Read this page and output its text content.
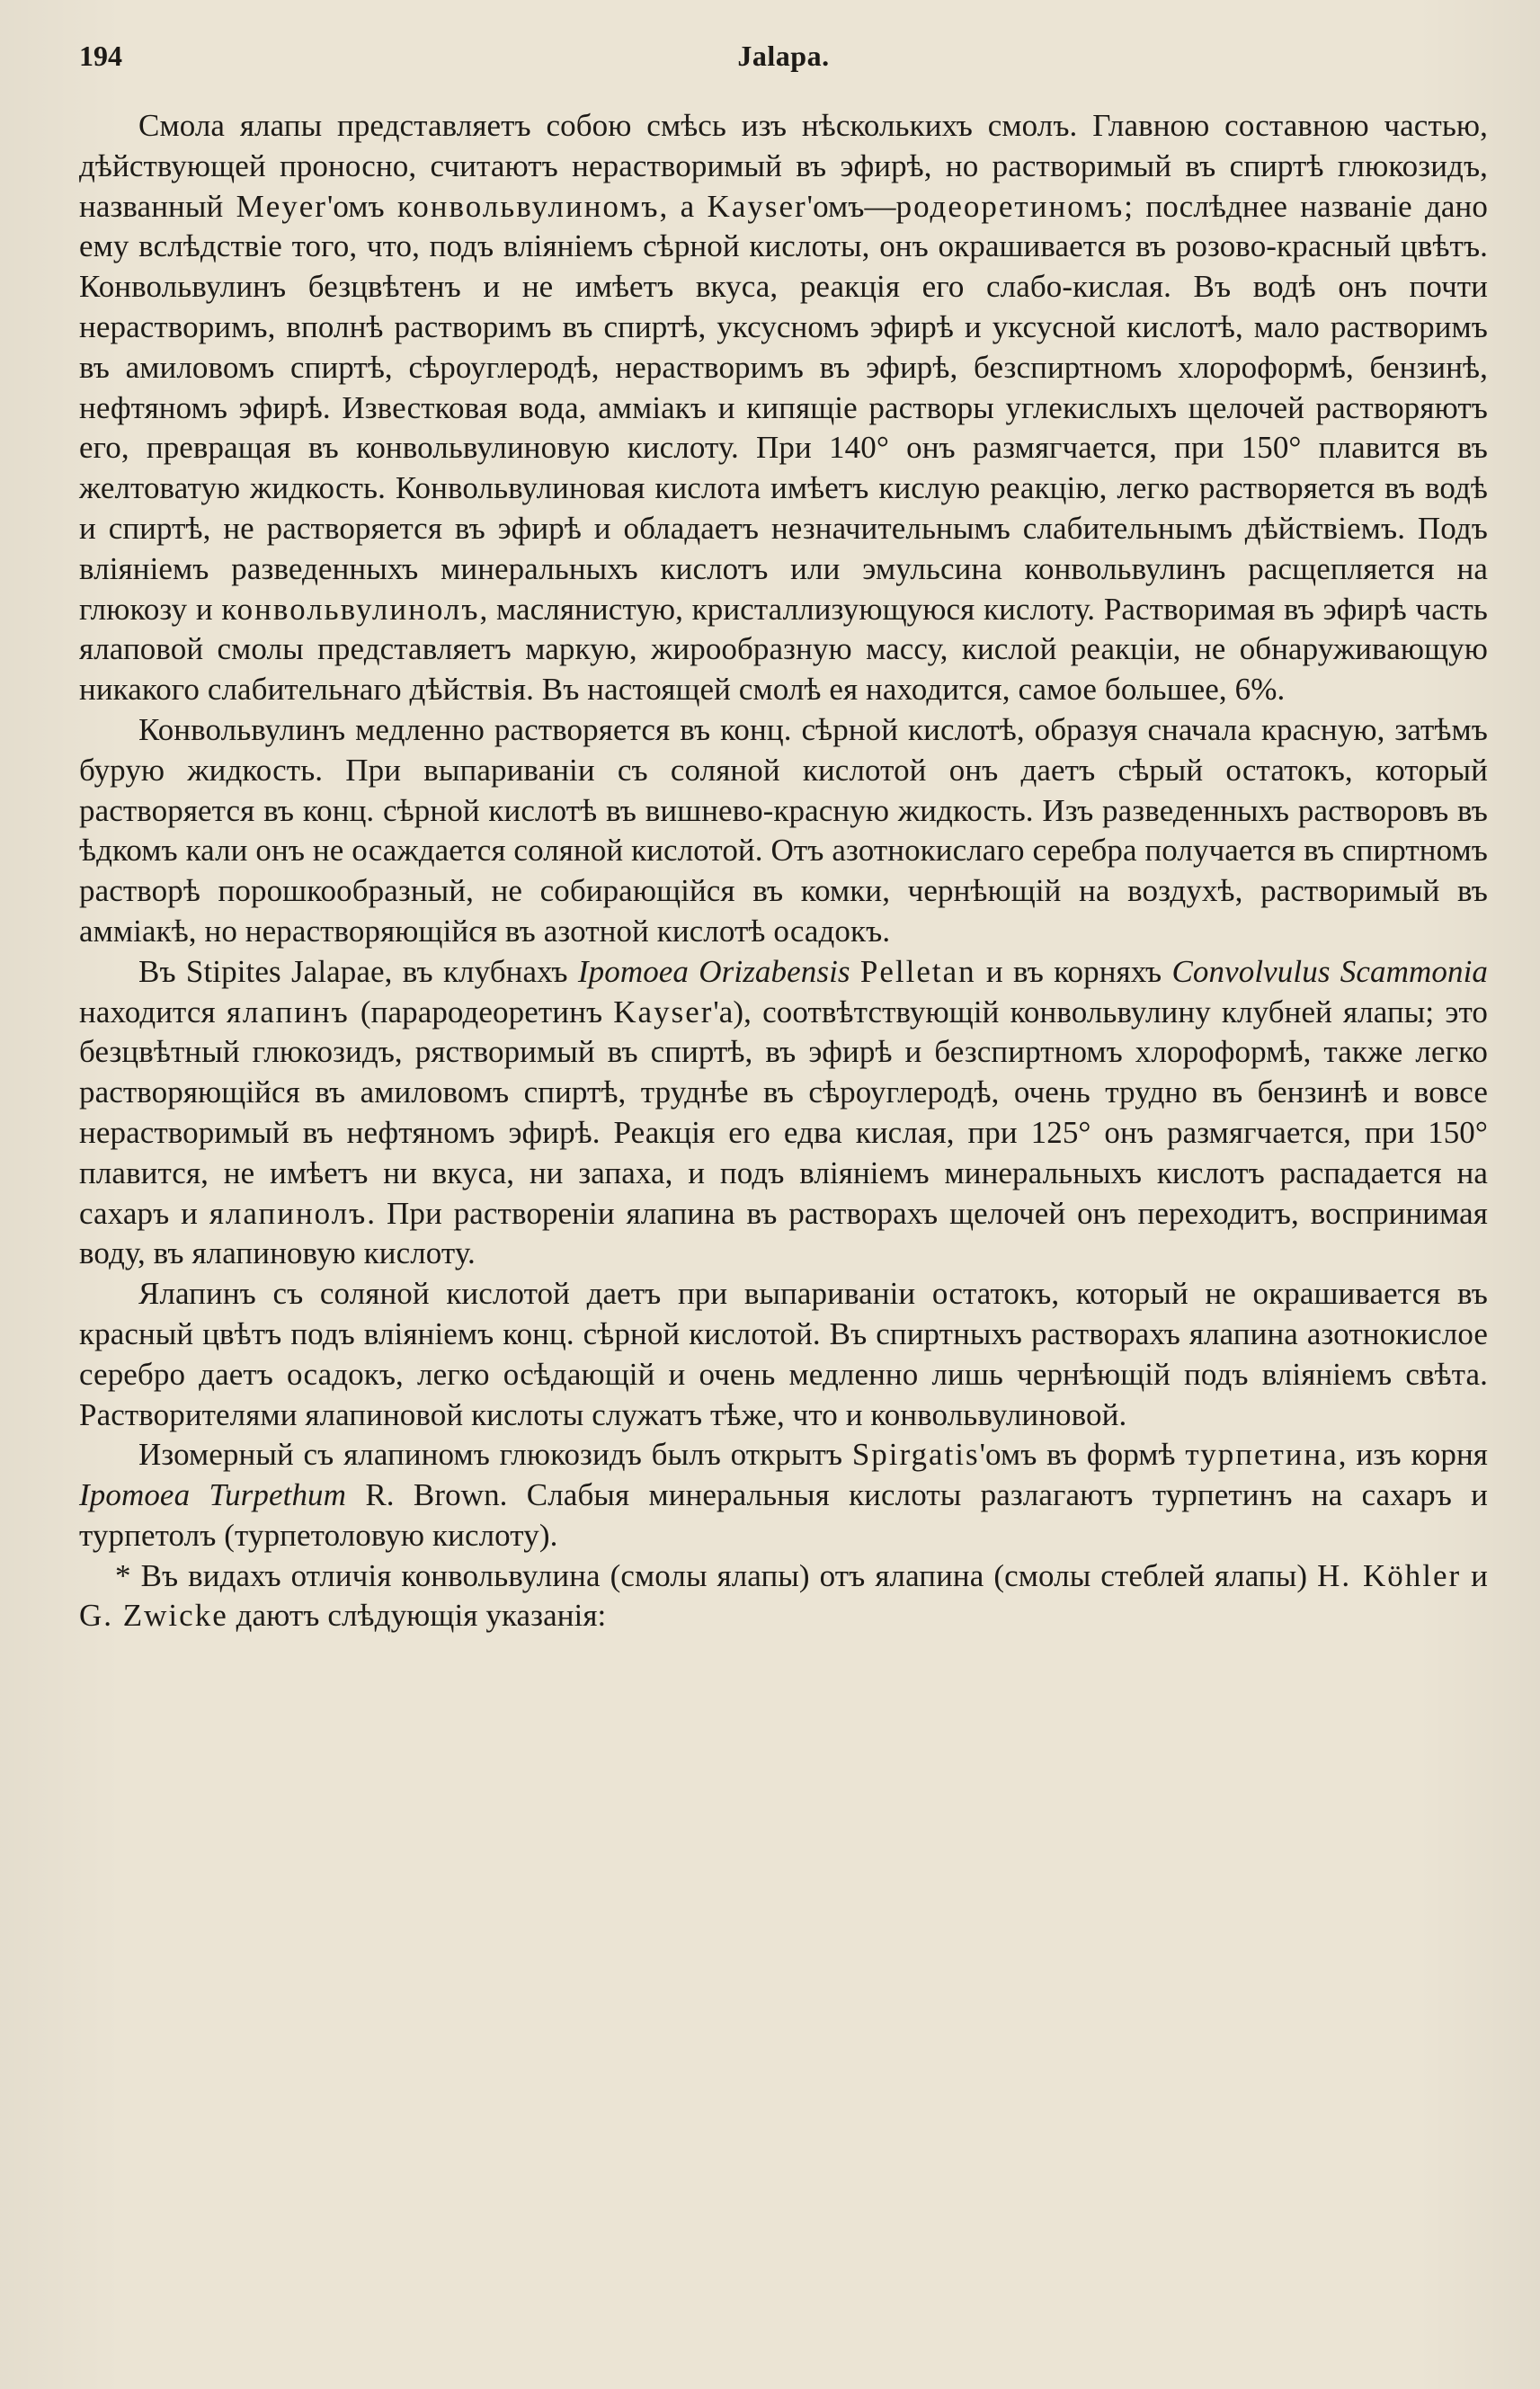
194	Jalapa.

Смола ялапы представляетъ собою смѣсь изъ нѣсколькихъ смолъ. Главною составною частью, дѣйствующей проносно, считаютъ нерастворимый въ эфирѣ, но растворимый въ спиртѣ глюкозидъ, названный Meyer'омъ конвольвулиномъ, а Kayser'омъ—родеоретиномъ; послѣднее названіе дано ему вслѣдствіе того, что, подъ вліяніемъ сѣрной кислоты, онъ окрашивается въ розово-красный цвѣтъ. Конвольвулинъ безцвѣтенъ и не имѣетъ вкуса, реакція его слабо-кислая. Въ водѣ онъ почти нерастворимъ, вполнѣ растворимъ въ спиртѣ, уксусномъ эфирѣ и уксусной кислотѣ, мало растворимъ въ амиловомъ спиртѣ, сѣроуглеродѣ, нерастворимъ въ эфирѣ, безспиртномъ хлороформѣ, бензинѣ, нефтяномъ эфирѣ. Известковая вода, аммiакъ и кипящіе растворы углекислыхъ щелочей растворяютъ его, превращая въ конвольвулиновую кислоту. При 140° онъ размягчается, при 150° плавится въ желтоватую жидкость. Конвольвулиновая кислота имѣетъ кислую реакцію, легко растворяется въ водѣ и спиртѣ, не растворяется въ эфирѣ и обладаетъ незначительнымъ слабительнымъ дѣйствіемъ. Подъ вліяніемъ разведенныхъ минеральныхъ кислотъ или эмульсина конвольвулинъ расщепляется на глюкозу и конвольвулинолъ, маслянистую, кристаллизующуюся кислоту. Растворимая въ эфирѣ часть ялаповой смолы представляетъ маркую, жирообразную массу, кислой реакціи, не обнаруживающую никакого слабительнаго дѣйствія. Въ настоящей смолѣ ея находится, самое большее, 6%.

Конвольвулинъ медленно растворяется въ конц. сѣрной кислотѣ, образуя сначала красную, затѣмъ бурую жидкость. При выпариваніи съ соляной кислотой онъ даетъ сѣрый остатокъ, который растворяется въ конц. сѣрной кислотѣ въ вишнево-красную жидкость. Изъ разведенныхъ растворовъ въ ѣдкомъ кали онъ не осаждается соляной кислотой. Отъ азотнокислаго серебра получается въ спиртномъ растворѣ порошкообразный, не собирающійся въ комки, чернѣющій на воздухѣ, растворимый въ амміакѣ, но нерастворяющійся въ азотной кислотѣ осадокъ.

Въ Stipites Jalapae, въ клубнахъ Ipomoea Orizabensis Pelletan и въ корняхъ Convolvulus Scammonia находится ялапинъ (парародеоретинъ Kayser'a), соотвѣтствующій конвольвулину клубней ялапы; это безцвѣтный глюкозидъ, рястворимый въ спиртѣ, въ эфирѣ и безспиртномъ хлороформѣ, также легко растворяющійся въ амиловомъ спиртѣ, труднѣе въ сѣроуглеродѣ, очень трудно въ бензинѣ и вовсе нерастворимый въ нефтяномъ эфирѣ. Реакція его едва кислая, при 125° онъ размягчается, при 150° плавится, не имѣетъ ни вкуса, ни запаха, и подъ вліяніемъ минеральныхъ кислотъ распадается на сахаръ и ялапинолъ. При раствореніи ялапина въ растворахъ щелочей онъ переходитъ, воспринимая воду, въ ялапиновую кислоту.

Ялапинъ съ соляной кислотой даетъ при выпариваніи остатокъ, который не окрашивается въ красный цвѣтъ подъ вліяніемъ конц. сѣрной кислотой. Въ спиртныхъ растворахъ ялапина азотнокислое серебро даетъ осадокъ, легко осѣдающій и очень медленно лишь чернѣющій подъ вліяніемъ свѣта. Растворителями ялапиновой кислоты служатъ тѣже, что и конвольвулиновой.

Изомерный съ ялапиномъ глюкозидъ былъ открытъ Spirgatis'омъ въ формѣ турпетина, изъ корня Ipomoea Turpethum R. Brown. Слабыя минеральныя кислоты разлагаютъ турпетинъ на сахаръ и турпетолъ (турпетоловую кислоту).

* Въ видахъ отличія конвольвулина (смолы ялапы) отъ ялапина (смолы стеблей ялапы) H. Köhler и G. Zwicke даютъ слѣдующія указанія:
